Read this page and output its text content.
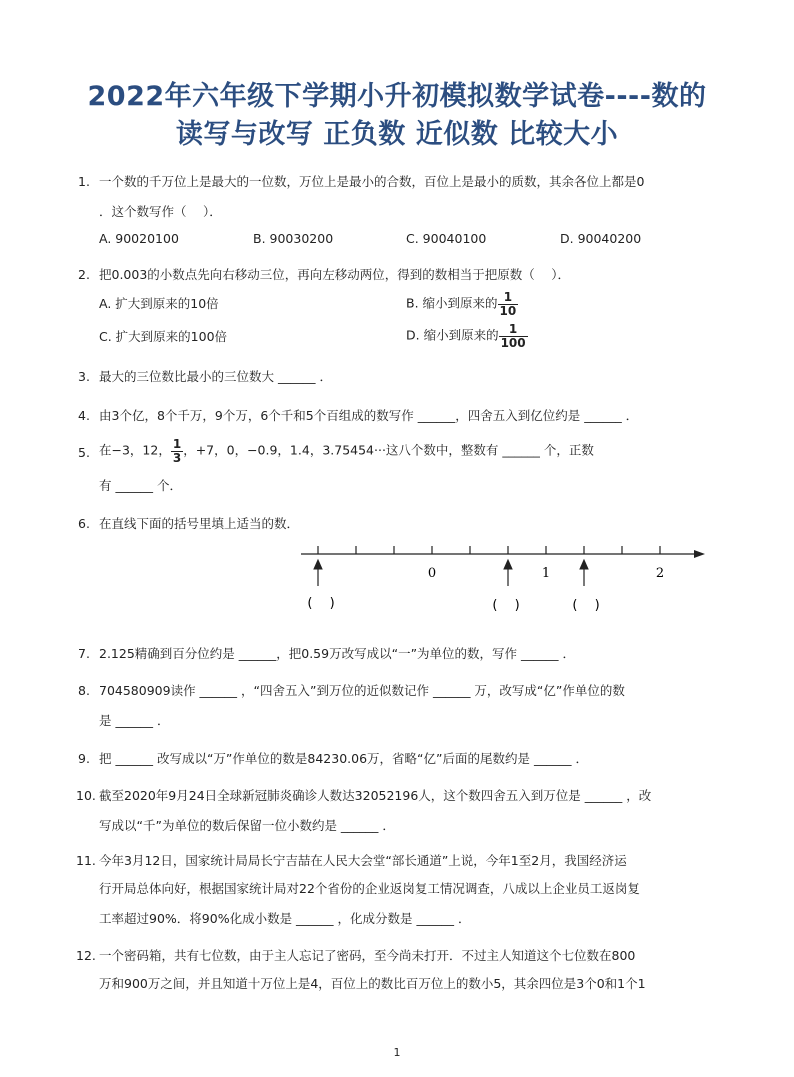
2022年六年级下学期小升初模拟数学试卷----数的
读写与改写 正负数 近似数 比较大小
1. 一个数的千万位上是最大的一位数，万位上是最小的合数，百位上是最小的质数，其余各位上都是0
．这个数写作（　 ）．
A. 90020100	B. 90030200	C. 90040100	D. 90040200
2. 把0.003的小数点先向右移动三位，再向左移动两位，得到的数相当于把原数（　 ）．
A. 扩大到原来的10倍	B. 缩小到原来的 $\frac{1}{10}$
C. 扩大到原来的100倍	D. 缩小到原来的 $\frac{1}{100}$
3. 最大的三位数比最小的三位数大 ______ ．
4. 由3个亿，8个千万，9个万，6个千和5个百组成的数写作 ______，四舍五入到亿位约是 ______ ．
5. 在−3，12， $\frac{1}{3}$ ，+7，0，−0.9，1.4，3.75454···这八个数中，整数有 ______ 个，正数
有 ______ 个．
6. 在直线下面的括号里填上适当的数．
0	1	2
(　 )	(　 )	(　 )
7. 2.125精确到百分位约是 ______，把0.59万改写成以“一”为单位的数，写作 ______ ．
8. 704580909读作 ______ ，“四舍五入”到万位的近似数记作 ______ 万，改写成“亿”作单位的数
是 ______ ．
9. 把 ______ 改写成以“万”作单位的数是84230.06万，省略“亿”后面的尾数约是 ______ ．
10. 截至2020年9月24日全球新冠肺炎确诊人数达32052196人，这个数四舍五入到万位是 ______ ，改
写成以“千”为单位的数后保留一位小数约是 ______ ．
11. 今年3月12日，国家统计局局长宁吉喆在人民大会堂“部长通道”上说，今年1至2月，我国经济运
行开局总体向好，根据国家统计局对22个省份的企业返岗复工情况调查，八成以上企业员工返岗复
工率超过90%．将90%化成小数是 ______ ，化成分数是 ______ ．
12. 一个密码箱，共有七位数，由于主人忘记了密码，至今尚未打开．不过主人知道这个七位数在800
万和900万之间，并且知道十万位上是4，百位上的数比百万位上的数小5，其余四位是3个0和1个1
1
